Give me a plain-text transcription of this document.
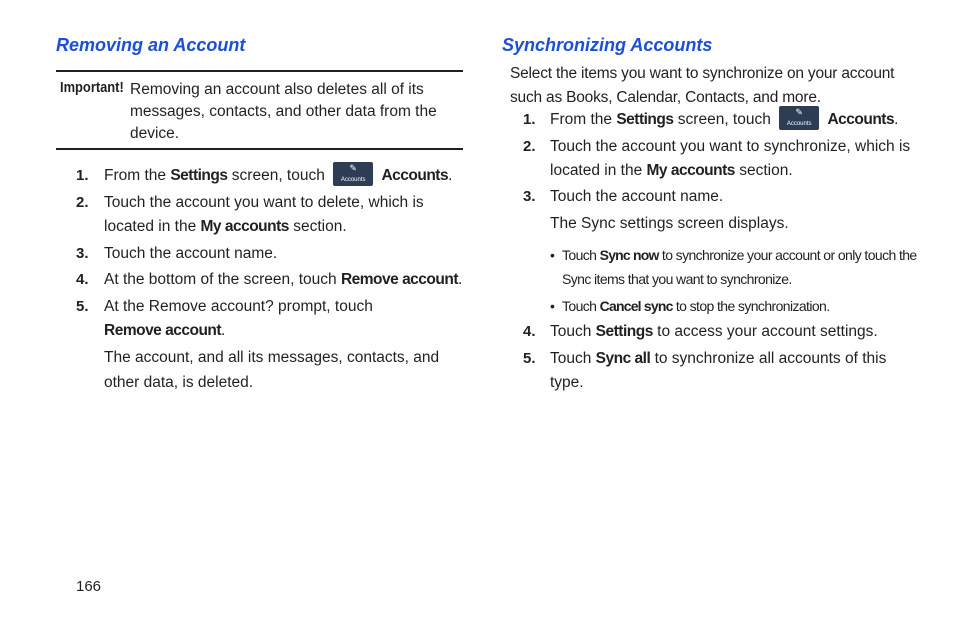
Removing an Account
Important! Removing an account also deletes all of its messages, contacts, and other data from the device.
1. From the Settings screen, touch	✎
Accounts	Accounts.
2. Touch the account you want to delete, which is located in the My accounts section.
3. Touch the account name.
4. At the bottom of the screen, touch Remove account.
5. At the Remove account? prompt, touch
Remove account.
The account, and all its messages, contacts, and other data, is deleted.
Synchronizing Accounts
Select the items you want to synchronize on your account such as Books, Calendar, Contacts, and more.
1. From the Settings screen, touch	✎
Accounts	Accounts.
2. Touch the account you want to synchronize, which is located in the My accounts section.
3. Touch the account name.
The Sync settings screen displays.
• Touch Sync now to synchronize your account or only touch the Sync items that you want to synchronize.
• Touch Cancel sync to stop the synchronization.
4. Touch Settings to access your account settings.
5. Touch Sync all to synchronize all accounts of this type.
166
